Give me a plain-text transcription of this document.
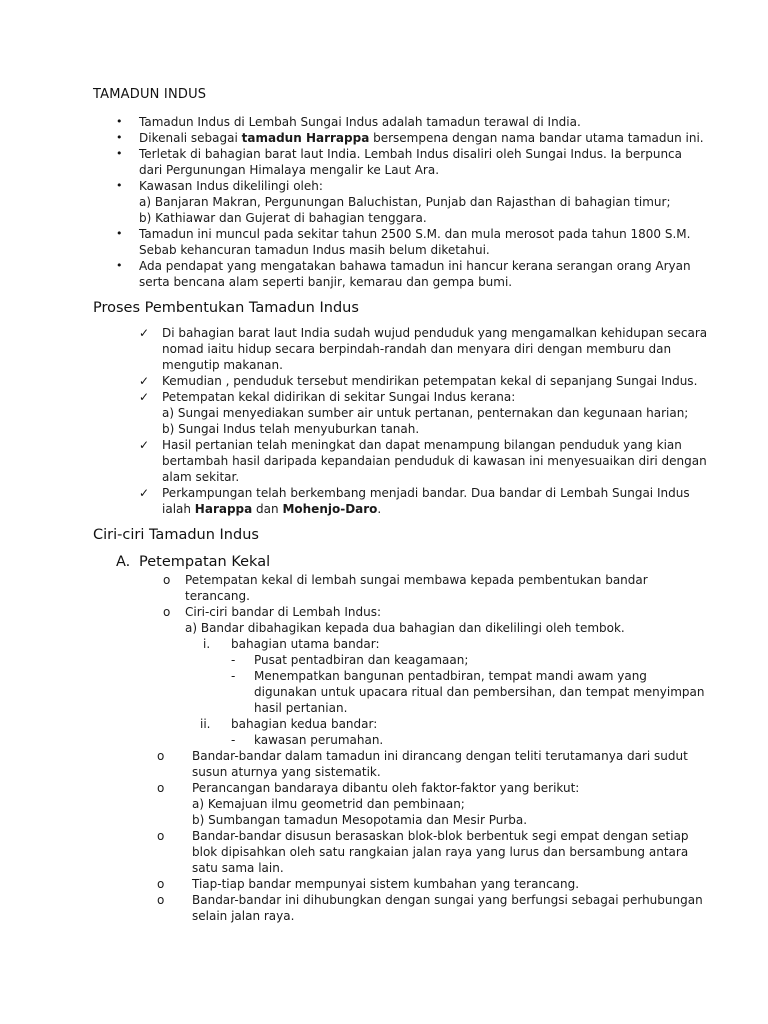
TAMADUN INDUS
• Tamadun Indus di Lembah Sungai Indus adalah tamadun terawal di India.
• Dikenali sebagai tamadun Harrappa bersempena dengan nama bandar utama tamadun ini.
• Terletak di bahagian barat laut India. Lembah Indus disaliri oleh Sungai Indus. Ia berpunca
dari Pergunungan Himalaya mengalir ke Laut Ara.
• Kawasan Indus dikelilingi oleh:
a) Banjaran Makran, Pergunungan Baluchistan, Punjab dan Rajasthan di bahagian timur;
b) Kathiawar dan Gujerat di bahagian tenggara.
• Tamadun ini muncul pada sekitar tahun 2500 S.M. dan mula merosot pada tahun 1800 S.M.
Sebab kehancuran tamadun Indus masih belum diketahui.
• Ada pendapat yang mengatakan bahawa tamadun ini hancur kerana serangan orang Aryan
serta bencana alam seperti banjir, kemarau dan gempa bumi.
Proses Pembentukan Tamadun Indus
✓ Di bahagian barat laut India sudah wujud penduduk yang mengamalkan kehidupan secara
nomad iaitu hidup secara berpindah-randah dan menyara diri dengan memburu dan
mengutip makanan.
✓ Kemudian , penduduk tersebut mendirikan petempatan kekal di sepanjang Sungai Indus.
✓ Petempatan kekal didirikan di sekitar Sungai Indus kerana:
a) Sungai menyediakan sumber air untuk pertanan, penternakan dan kegunaan harian;
b) Sungai Indus telah menyuburkan tanah.
✓ Hasil pertanian telah meningkat dan dapat menampung bilangan penduduk yang kian
bertambah hasil daripada kepandaian penduduk di kawasan ini menyesuaikan diri dengan
alam sekitar.
✓ Perkampungan telah berkembang menjadi bandar. Dua bandar di Lembah Sungai Indus
ialah Harappa dan Mohenjo-Daro.
Ciri-ciri Tamadun Indus
A. Petempatan Kekal
o Petempatan kekal di lembah sungai membawa kepada pembentukan bandar
terancang.
o Ciri-ciri bandar di Lembah Indus:
a) Bandar dibahagikan kepada dua bahagian dan dikelilingi oleh tembok.
i. bahagian utama bandar:
- Pusat pentadbiran dan keagamaan;
- Menempatkan bangunan pentadbiran, tempat mandi awam yang
digunakan untuk upacara ritual dan pembersihan, dan tempat menyimpan
hasil pertanian.
ii. bahagian kedua bandar:
- kawasan perumahan.
o Bandar-bandar dalam tamadun ini dirancang dengan teliti terutamanya dari sudut
susun aturnya yang sistematik.
o Perancangan bandaraya dibantu oleh faktor-faktor yang berikut:
a) Kemajuan ilmu geometrid dan pembinaan;
b) Sumbangan tamadun Mesopotamia dan Mesir Purba.
o Bandar-bandar disusun berasaskan blok-blok berbentuk segi empat dengan setiap
blok dipisahkan oleh satu rangkaian jalan raya yang lurus dan bersambung antara
satu sama lain.
o Tiap-tiap bandar mempunyai sistem kumbahan yang terancang.
o Bandar-bandar ini dihubungkan dengan sungai yang berfungsi sebagai perhubungan
selain jalan raya.
